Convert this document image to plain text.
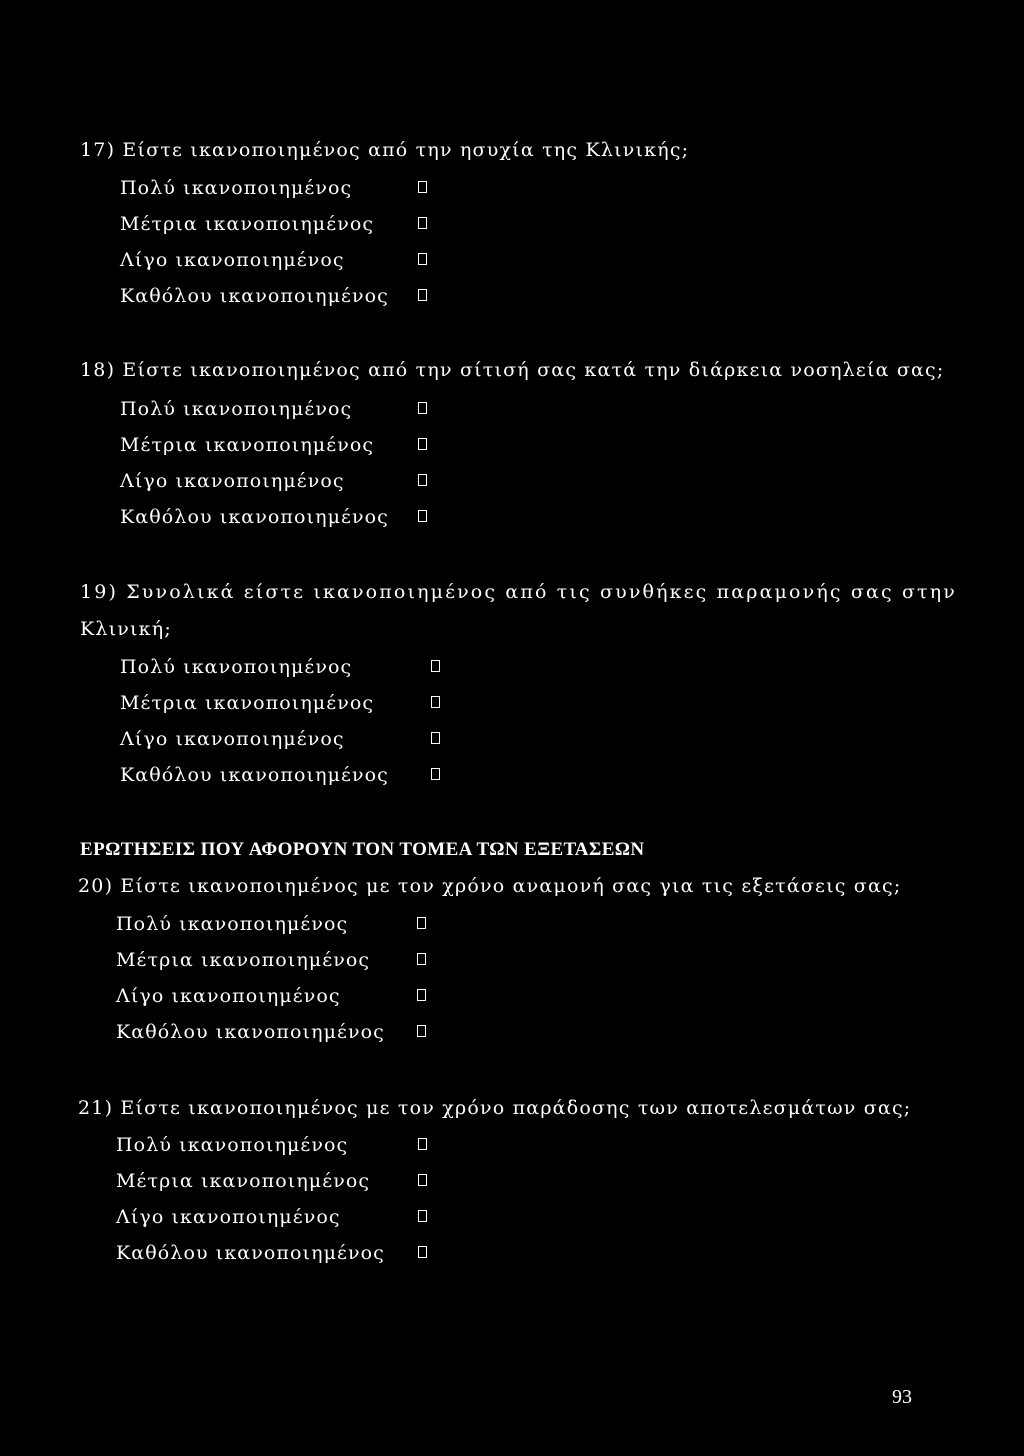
17) Είστε ικανοποιημένος από την ησυχία της Κλινικής;
Πολύ ικανοποιημένος
Μέτρια ικανοποιημένος
Λίγο ικανοποιημένος
Καθόλου ικανοποιημένος
18) Είστε ικανοποιημένος από την σίτισή σας κατά την διάρκεια νοσηλεία σας;
Πολύ ικανοποιημένος
Μέτρια ικανοποιημένος
Λίγο ικανοποιημένος
Καθόλου ικανοποιημένος
19) Συνολικά είστε ικανοποιημένος από τις συνθήκες παραμονής σας στην
Κλινική;
Πολύ ικανοποιημένος
Μέτρια ικανοποιημένος
Λίγο ικανοποιημένος
Καθόλου ικανοποιημένος
ΕΡΩΤΗΣΕΙΣ ΠΟΥ ΑΦΟΡΟΥΝ ΤΟΝ ΤΟΜΕΑ ΤΩΝ ΕΞΕΤΑΣΕΩΝ
20) Είστε ικανοποιημένος με τον χρόνο αναμονή σας για τις εξετάσεις σας;
Πολύ ικανοποιημένος
Μέτρια ικανοποιημένος
Λίγο ικανοποιημένος
Καθόλου ικανοποιημένος
21) Είστε ικανοποιημένος με τον χρόνο παράδοσης των αποτελεσμάτων σας;
Πολύ ικανοποιημένος
Μέτρια ικανοποιημένος
Λίγο ικανοποιημένος
Καθόλου ικανοποιημένος
93
